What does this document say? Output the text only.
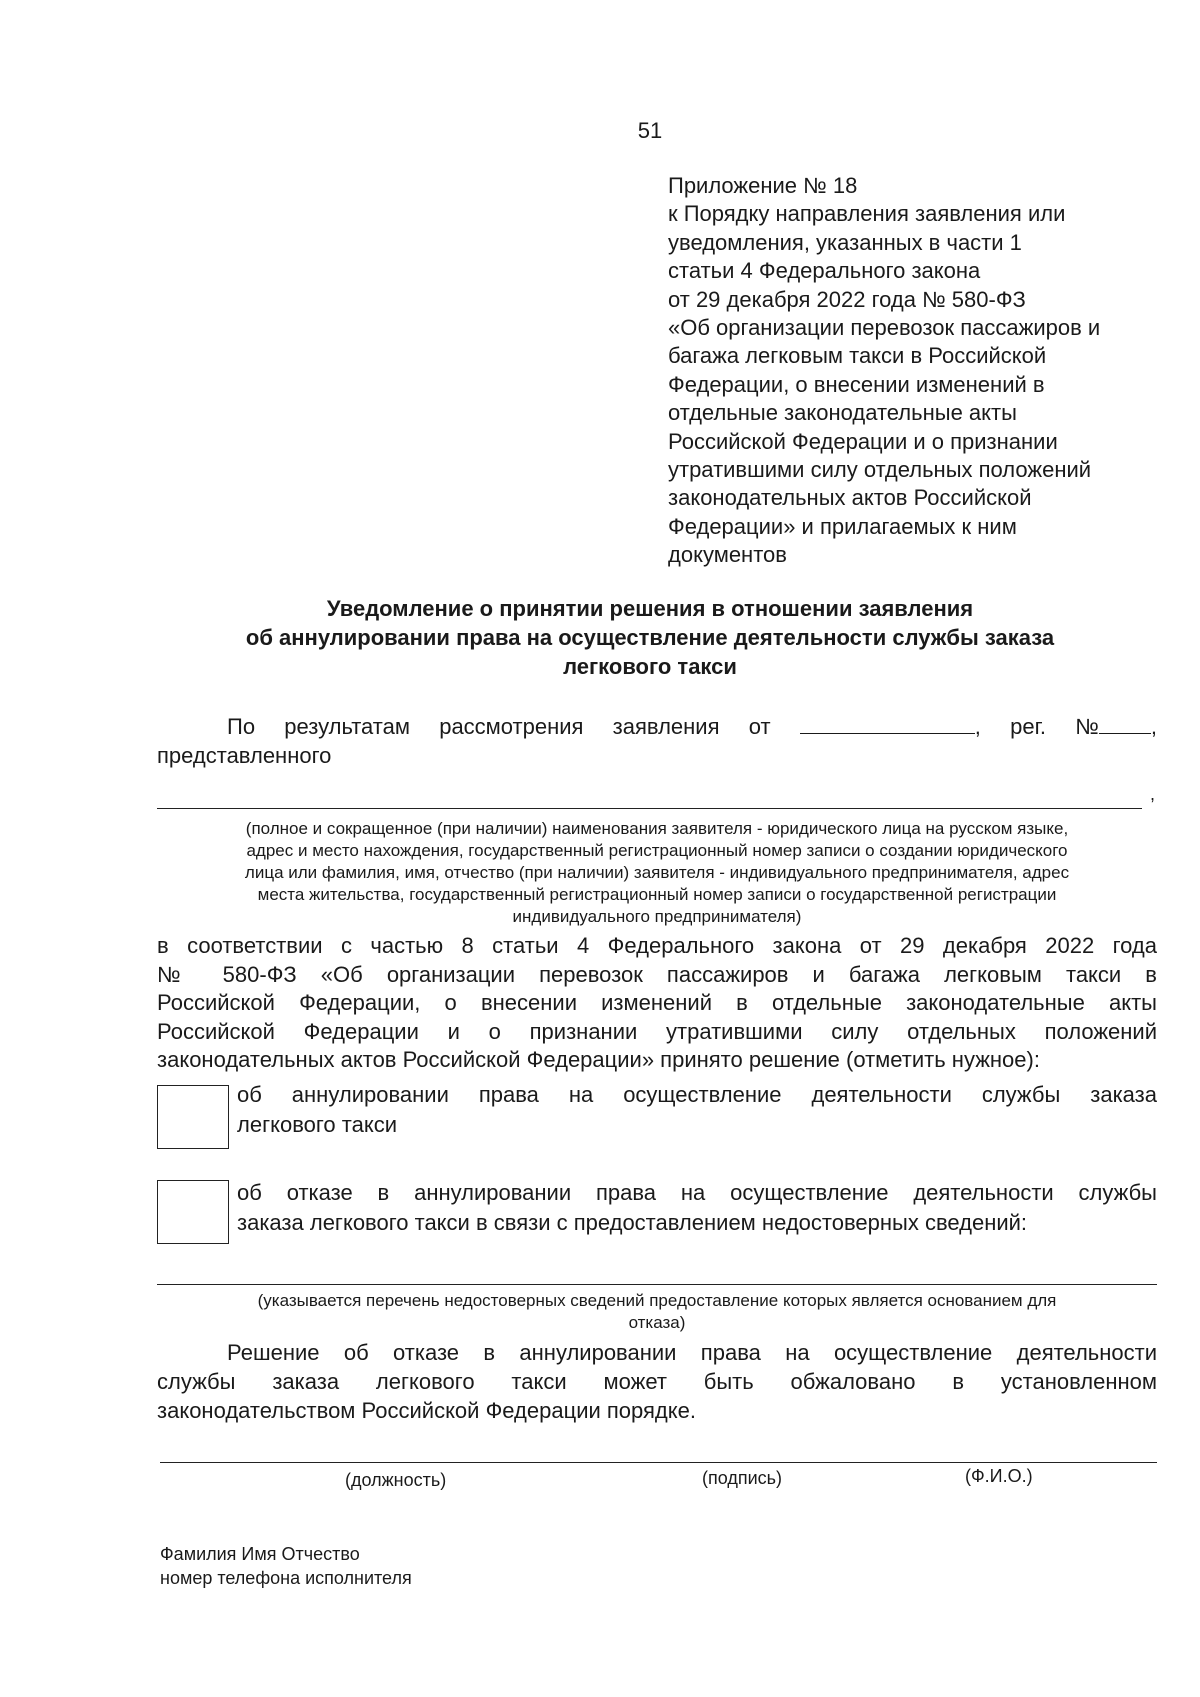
51
Приложение № 18
к Порядку направления заявления или
уведомления, указанных в части 1
статьи 4 Федерального закона
от 29 декабря 2022 года № 580-ФЗ
«Об организации перевозок пассажиров и
багажа легковым такси в Российской
Федерации, о внесении изменений в
отдельные законодательные акты
Российской Федерации и о признании
утратившими силу отдельных положений
законодательных актов Российской
Федерации» и прилагаемых к ним
документов
Уведомление о принятии решения в отношении заявления
об аннулировании права на осуществление деятельности службы заказа
легкового такси
По результатам рассмотрения заявления от	, рег. № ,
представленного
,
(полное и сокращенное (при наличии) наименования заявителя - юридического лица на русском языке,
адрес и место нахождения, государственный регистрационный номер записи о создании юридического
лица или фамилия, имя, отчество (при наличии) заявителя - индивидуального предпринимателя, адрес
места жительства, государственный регистрационный номер записи о государственной регистрации
индивидуального предпринимателя)
в соответствии с частью 8 статьи 4 Федерального закона от 29 декабря 2022 года
№ 580-ФЗ «Об организации перевозок пассажиров и багажа легковым такси в
Российской Федерации, о внесении изменений в отдельные законодательные акты
Российской Федерации и о признании утратившими силу отдельных положений
законодательных актов Российской Федерации» принято решение (отметить нужное):
об аннулировании права на осуществление деятельности службы заказа
легкового такси
об отказе в аннулировании права на осуществление деятельности службы
заказа легкового такси в связи с предоставлением недостоверных сведений:
(указывается перечень недостоверных сведений предоставление которых является основанием для
отказа)
Решение об отказе в аннулировании права на осуществление деятельности
службы заказа легкового такси может быть обжаловано в установленном
законодательством Российской Федерации порядке.
(должность)	(подпись)	(Ф.И.О.)
Фамилия Имя Отчество
номер телефона исполнителя
